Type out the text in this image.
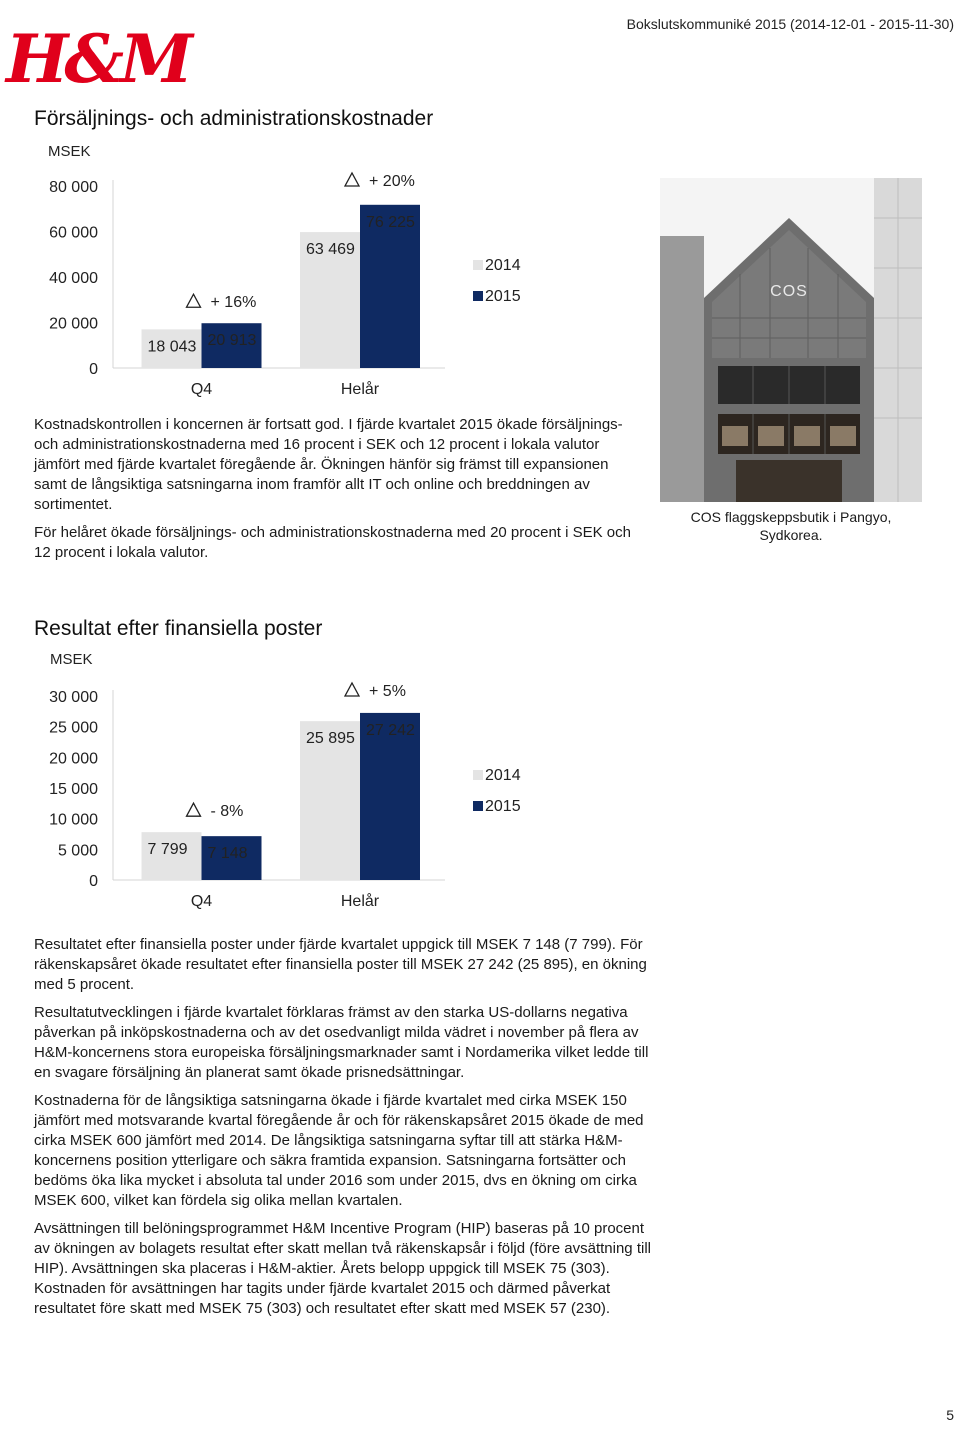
H&M	Bokslutskommuniké 2015 (2014-12-01 - 2015-11-30)
Försäljnings- och administrationskostnader
MSEK
80 000
60 000
40 000
20 000
0
18 043 20 913
+ 16%
Q4
63 469
76 225
+ 20%
Helår
2014
2015

Kostnadskontrollen i koncernen är fortsatt god. I fjärde kvartalet 2015 ökade försäljnings- och administrationskostnaderna med 16 procent i SEK och 12 procent i lokala valutor jämfört med fjärde kvartalet föregående år. Ökningen hänför sig främst till expansionen samt de långsiktiga satsningarna inom framför allt IT och online och breddningen av sortimentet.

För helåret ökade försäljnings- och administrationskostnaderna med 20 procent i SEK och 12 procent i lokala valutor.

COS
COS flaggskeppsbutik i Pangyo, Sydkorea.
Resultat efter finansiella poster
MSEK
30 000
25 000
20 000
15 000
10 000
5 000
0
7 799 7 148
- 8%
Q4
25 895 27 242
+ 5%
Helår
2014
2015

Resultatet efter finansiella poster under fjärde kvartalet uppgick till MSEK 7 148 (7 799). För räkenskapsåret ökade resultatet efter finansiella poster till MSEK 27 242 (25 895), en ökning med 5 procent.

Resultatutvecklingen i fjärde kvartalet förklaras främst av den starka US-dollarns negativa påverkan på inköpskostnaderna och av det osedvanligt milda vädret i november på flera av H&M-koncernens stora europeiska försäljningsmarknader samt i Nordamerika vilket ledde till en svagare försäljning än planerat samt ökade prisnedsättningar.

Kostnaderna för de långsiktiga satsningarna ökade i fjärde kvartalet med cirka MSEK 150 jämfört med motsvarande kvartal föregående år och för räkenskapsåret 2015 ökade de med cirka MSEK 600 jämfört med 2014. De långsiktiga satsningarna syftar till att stärka H&M-koncernens position ytterligare och säkra framtida expansion. Satsningarna fortsätter och bedöms öka lika mycket i absoluta tal under 2016 som under 2015, dvs en ökning om cirka MSEK 600, vilket kan fördela sig olika mellan kvartalen.

Avsättningen till belöningsprogrammet H&M Incentive Program (HIP) baseras på 10 procent av ökningen av bolagets resultat efter skatt mellan två räkenskapsår i följd (före avsättning till HIP). Avsättningen ska placeras i H&M-aktier. Årets belopp uppgick till MSEK 75 (303). Kostnaden för avsättningen har tagits under fjärde kvartalet 2015 och därmed påverkat resultatet före skatt med MSEK 75 (303) och resultatet efter skatt med MSEK 57 (230).

5
